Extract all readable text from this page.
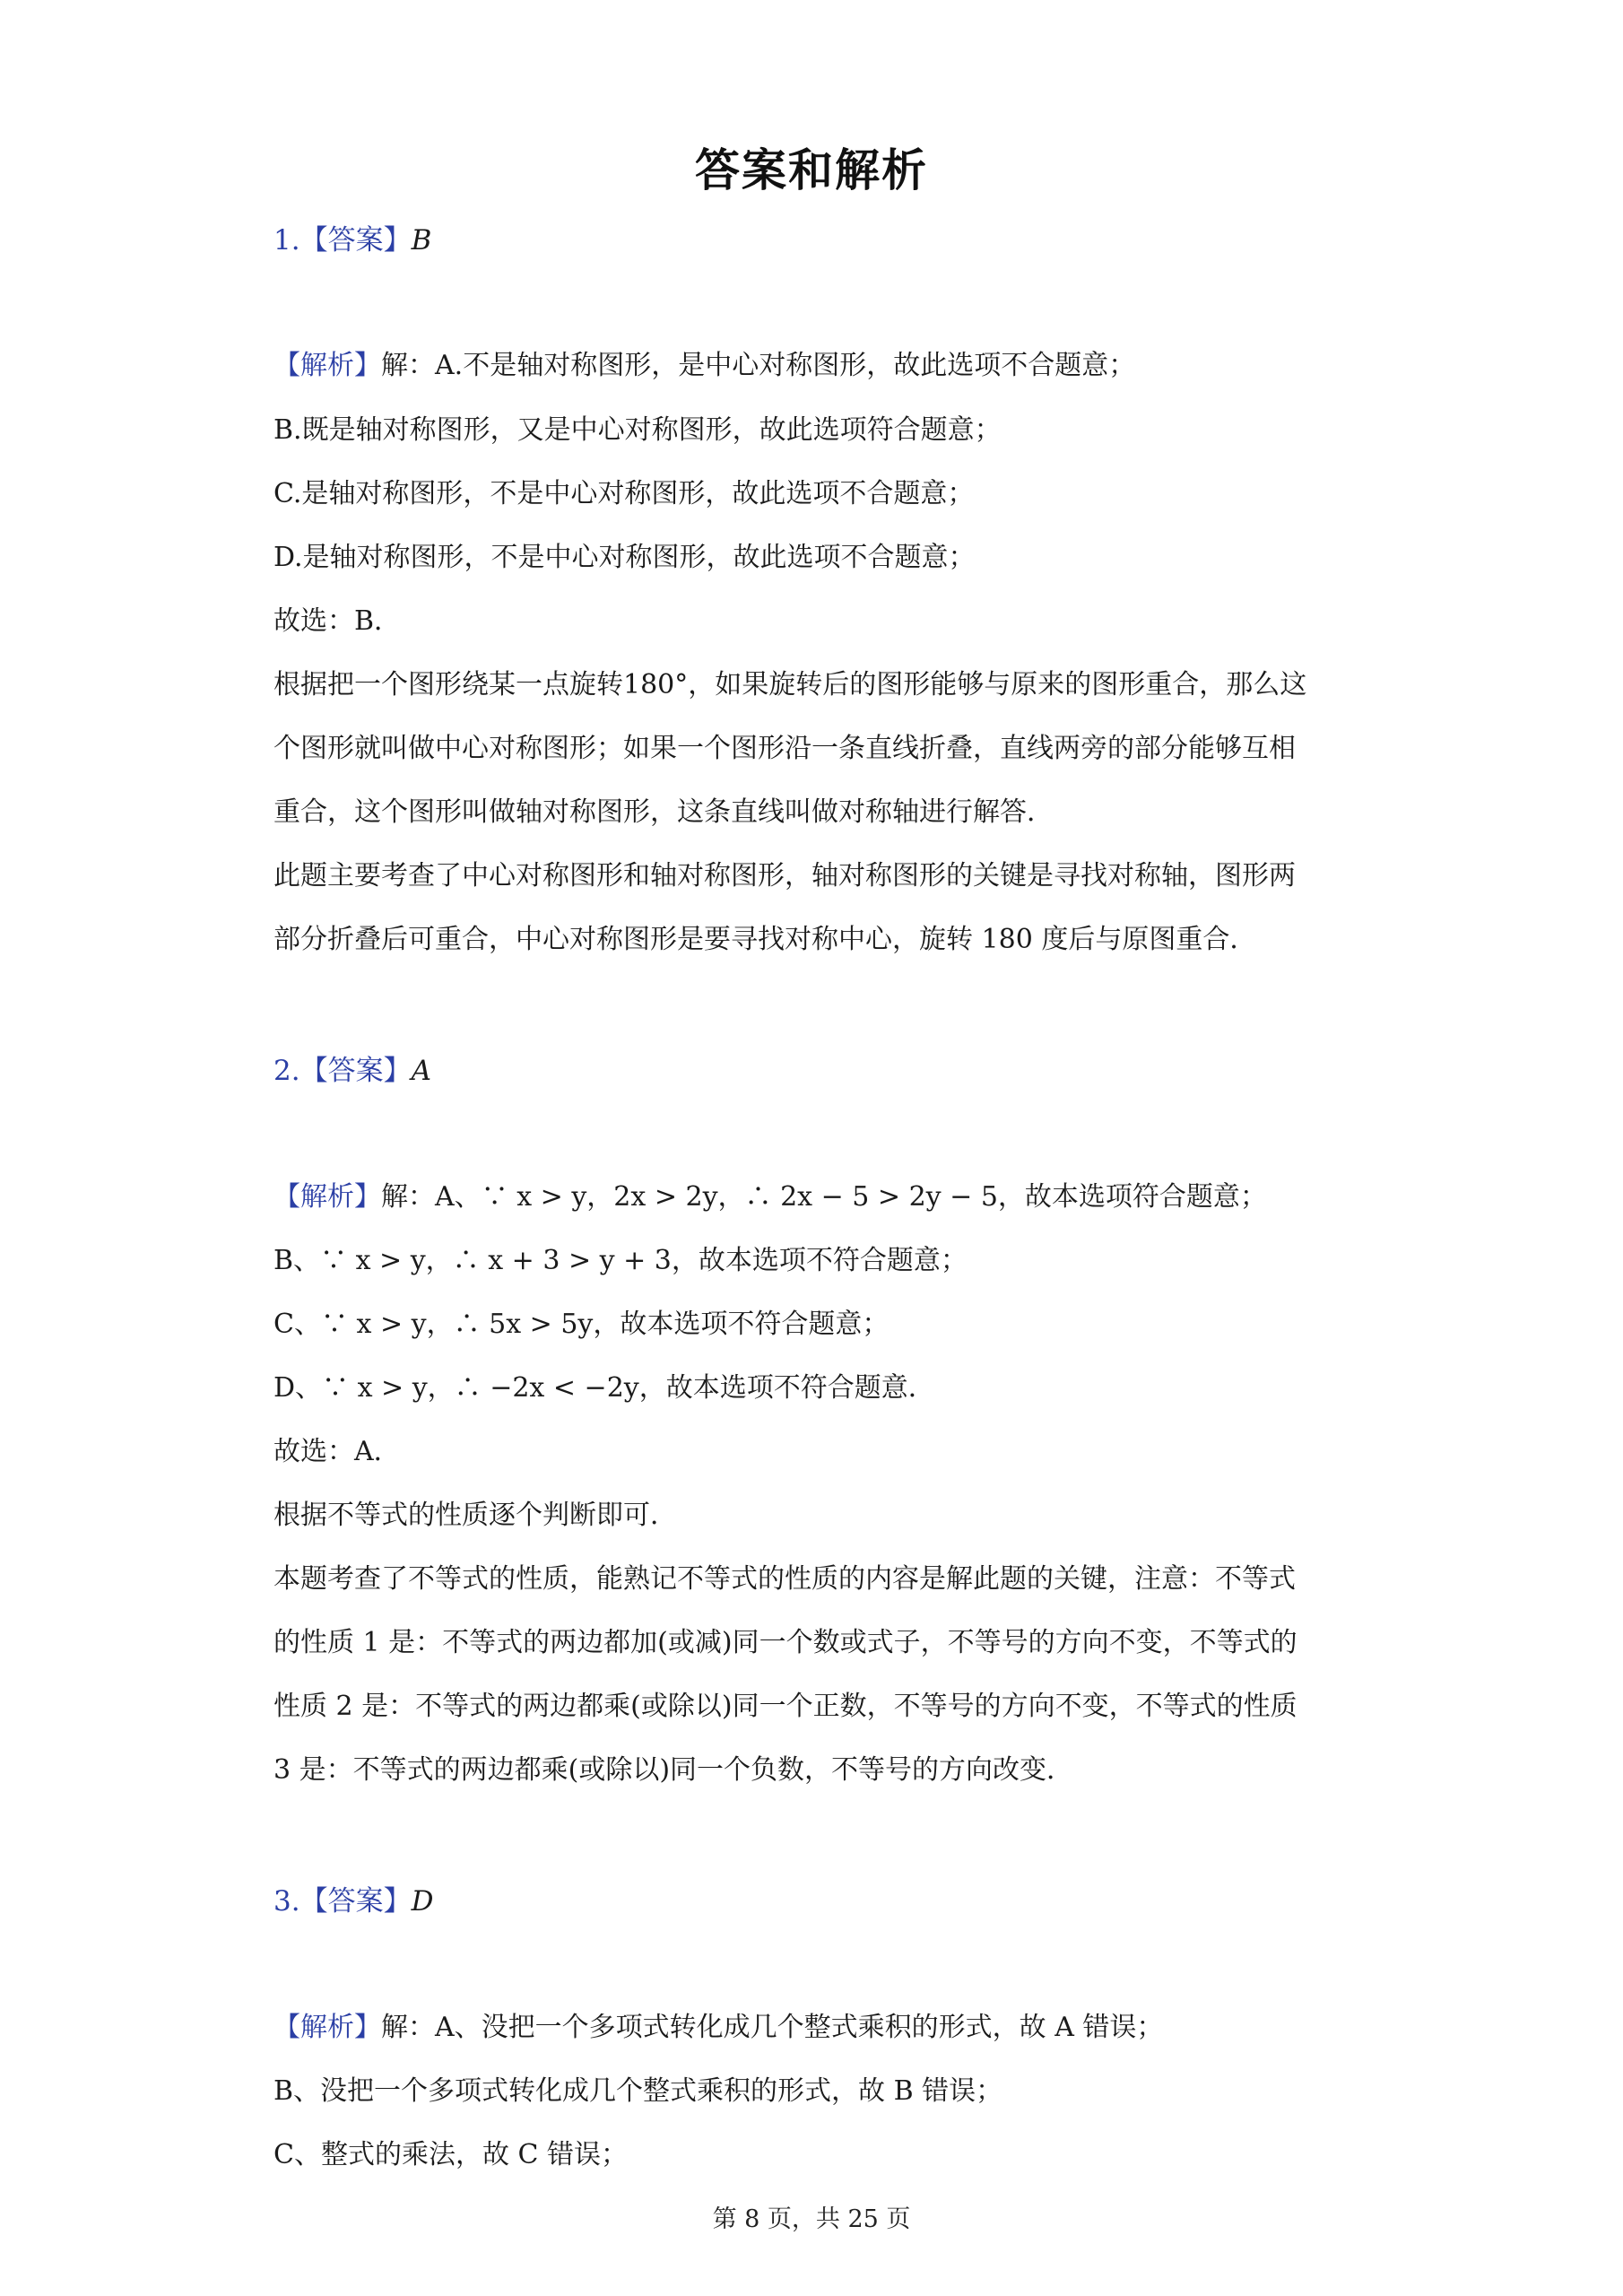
答案和解析
1.【答案】B
【解析】解：A.不是轴对称图形，是中心对称图形，故此选项不合题意；
B.既是轴对称图形，又是中心对称图形，故此选项符合题意；
C.是轴对称图形，不是中心对称图形，故此选项不合题意；
D.是轴对称图形，不是中心对称图形，故此选项不合题意；
故选：B．
根据把一个图形绕某一点旋转180°，如果旋转后的图形能够与原来的图形重合，那么这
个图形就叫做中心对称图形；如果一个图形沿一条直线折叠，直线两旁的部分能够互相
重合，这个图形叫做轴对称图形，这条直线叫做对称轴进行解答．
此题主要考查了中心对称图形和轴对称图形，轴对称图形的关键是寻找对称轴，图形两
部分折叠后可重合，中心对称图形是要寻找对称中心，旋转 180 度后与原图重合．
2.【答案】A
【解析】解：A、∵ x > y，2x > 2y，∴ 2x − 5 > 2y − 5，故本选项符合题意；
B、∵ x > y，∴ x + 3 > y + 3，故本选项不符合题意；
C、∵ x > y，∴ 5x > 5y，故本选项不符合题意；
D、∵ x > y，∴ −2x < −2y，故本选项不符合题意．
故选：A．
根据不等式的性质逐个判断即可．
本题考查了不等式的性质，能熟记不等式的性质的内容是解此题的关键，注意：不等式
的性质 1 是：不等式的两边都加(或减)同一个数或式子，不等号的方向不变，不等式的
性质 2 是：不等式的两边都乘(或除以)同一个正数，不等号的方向不变，不等式的性质
3 是：不等式的两边都乘(或除以)同一个负数，不等号的方向改变．
3.【答案】D
【解析】解：A、没把一个多项式转化成几个整式乘积的形式，故 A 错误；
B、没把一个多项式转化成几个整式乘积的形式，故 B 错误；
C、整式的乘法，故 C 错误；
第 8 页，共 25 页
